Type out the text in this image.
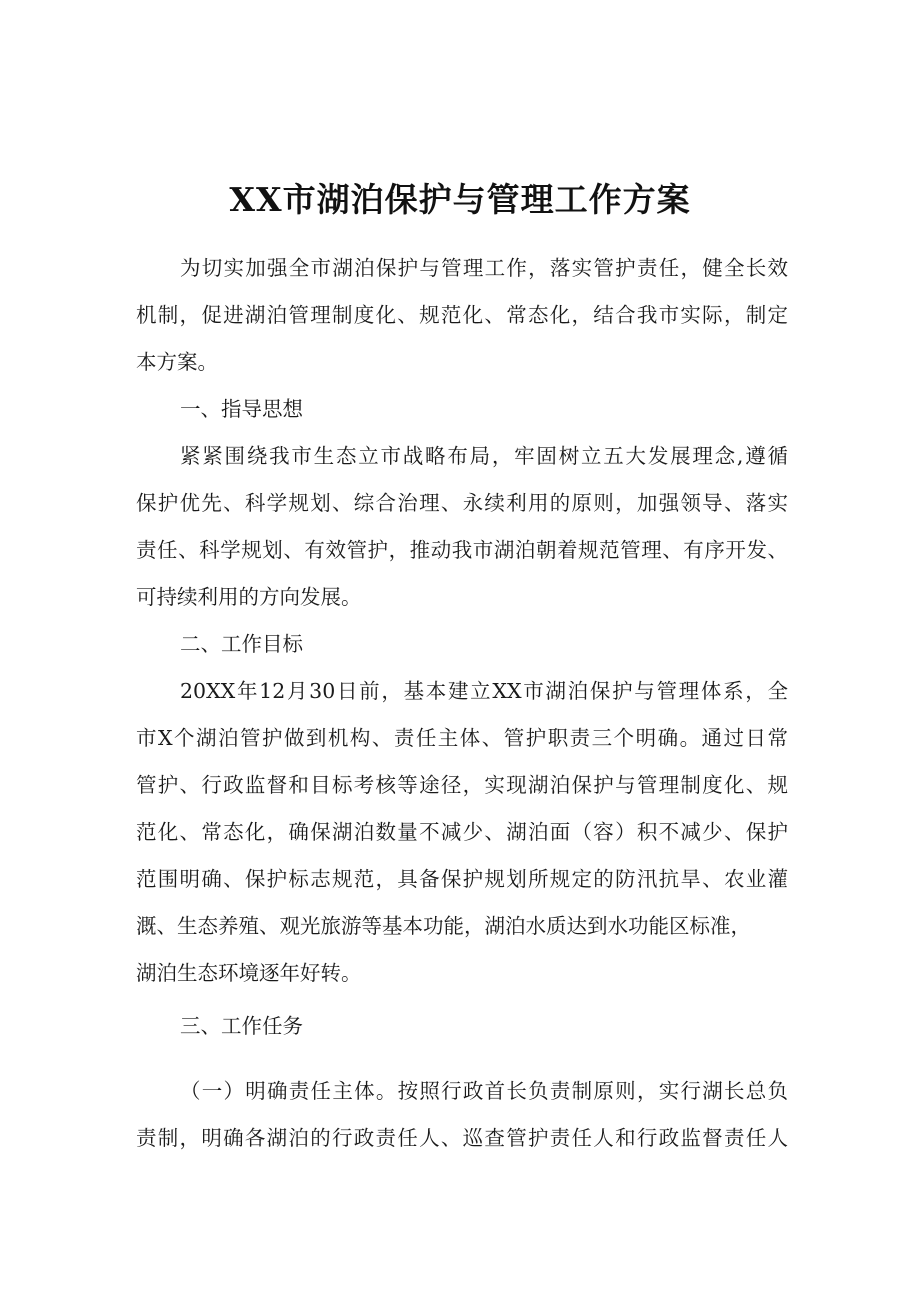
XX市湖泊保护与管理工作方案
为切实加强全市湖泊保护与管理工作，落实管护责任，健全长效
机制，促进湖泊管理制度化、规范化、常态化，结合我市实际，制定
本方案。
一、指导思想
紧紧围绕我市生态立市战略布局，牢固树立五大发展理念,遵循
保护优先、科学规划、综合治理、永续利用的原则，加强领导、落实
责任、科学规划、有效管护，推动我市湖泊朝着规范管理、有序开发、
可持续利用的方向发展。
二、工作目标
20XX年12月30日前，基本建立XX市湖泊保护与管理体系，全
市X个湖泊管护做到机构、责任主体、管护职责三个明确。通过日常
管护、行政监督和目标考核等途径，实现湖泊保护与管理制度化、规
范化、常态化，确保湖泊数量不减少、湖泊面（容）积不减少、保护
范围明确、保护标志规范，具备保护规划所规定的防汛抗旱、农业灌
溉、生态养殖、观光旅游等基本功能，湖泊水质达到水功能区标准，
湖泊生态环境逐年好转。
三、工作任务
（一）明确责任主体。按照行政首长负责制原则，实行湖长总负
责制，明确各湖泊的行政责任人、巡查管护责任人和行政监督责任人
